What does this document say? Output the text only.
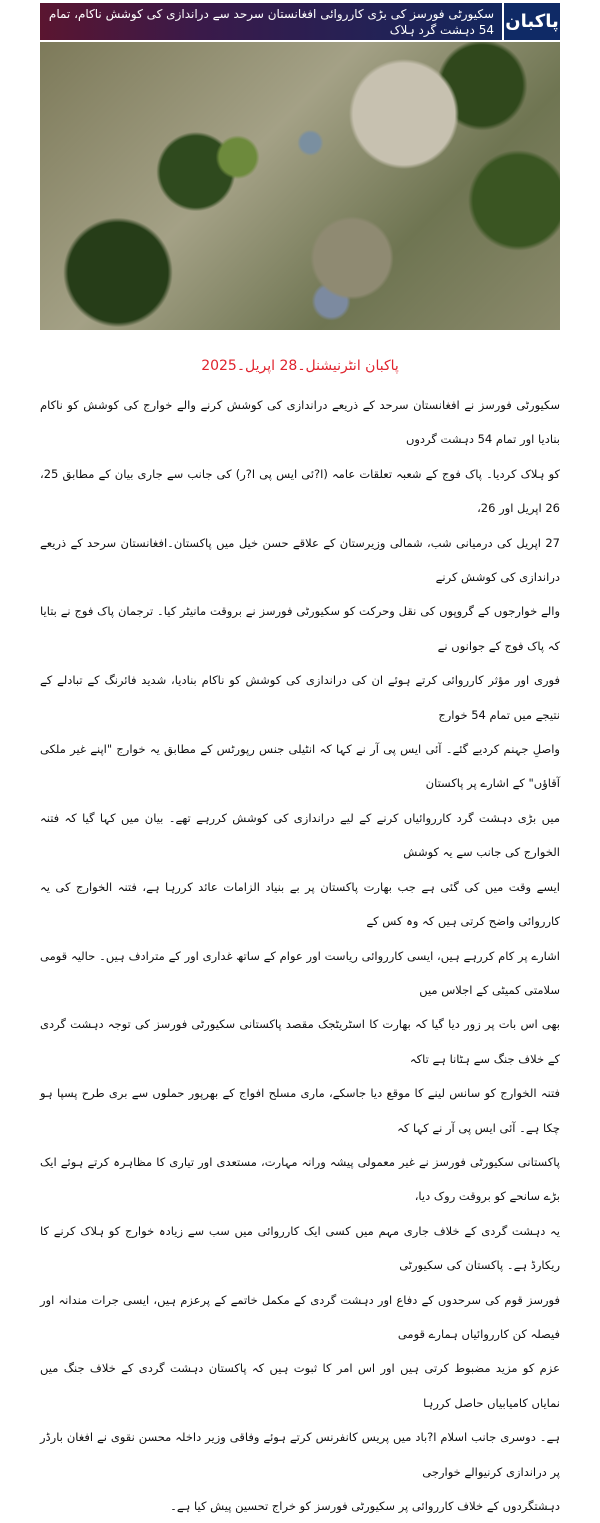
سکیورٹی فورسز کی بڑی کارروائی افغانستان سرحد سے دراندازی کی کوشش ناکام، تمام 54 دہشت گرد ہلاک پاکبان
پاکبان انٹرنیشنل۔28 اپریل۔2025
سکیورٹی فورسز نے افغانستان سرحد کے ذریعے دراندازی کی کوشش کرنے والے خوارج کی کوشش کو ناکام بنادیا اور تمام 54 دہشت گردوں
کو ہلاک کردیا۔ پاک فوج کے شعبہ تعلقات عامہ (ا?ئی ایس پی ا?ر) کی جانب سے جاری بیان کے مطابق 25، 26 اپریل اور 26،
27 اپریل کی درمیانی شب، شمالی وزیرستان کے علاقے حسن خیل میں پاکستان۔افغانستان سرحد کے ذریعے دراندازی کی کوشش کرنے
والے خوارجوں کے گروپوں کی نقل وحرکت کو سکیورٹی فورسز نے بروقت مانیٹر کیا۔ ترجمان پاک فوج نے بتایا کہ پاک فوج کے جوانوں نے
فوری اور مؤثر کارروائی کرتے ہوئے ان کی دراندازی کی کوشش کو ناکام بنادیا، شدید فائرنگ کے تبادلے کے نتیجے میں تمام 54 خوارج
واصلِ جہنم کردیے گئے۔ آئی ایس پی آر نے کہا کہ انٹیلی جنس رپورٹس کے مطابق یہ خوارج "اپنے غیر ملکی آقاؤں" کے اشارے پر پاکستان
میں بڑی دہشت گرد کارروائیاں کرنے کے لیے دراندازی کی کوشش کررہے تھے۔ بیان میں کہا گیا کہ فتنہ الخوارج کی جانب سے یہ کوشش
ایسے وقت میں کی گئی ہے جب بھارت پاکستان پر بے بنیاد الزامات عائد کررہا ہے، فتنہ الخوارج کی یہ کارروائی واضح کرتی ہیں کہ وہ کس کے
اشارے پر کام کررہے ہیں، ایسی کارروائی ریاست اور عوام کے ساتھ غداری اور کے مترادف ہیں۔ حالیہ قومی سلامتی کمیٹی کے اجلاس میں
بھی اس بات پر زور دیا گیا کہ بھارت کا اسٹریٹجک مقصد پاکستانی سکیورٹی فورسز کی توجہ دہشت گردی کے خلاف جنگ سے ہٹانا ہے تاکہ
فتنہ الخوارج کو سانس لینے کا موقع دیا جاسکے، ماری مسلح افواج کے بھرپور حملوں سے بری طرح پسپا ہو چکا ہے۔ آئی ایس پی آر نے کہا کہ
پاکستانی سکیورٹی فورسز نے غیر معمولی پیشہ ورانہ مہارت، مستعدی اور تیاری کا مظاہرہ کرتے ہوئے ایک بڑے سانحے کو بروقت روک دیا،
یہ دہشت گردی کے خلاف جاری مہم میں کسی ایک کارروائی میں سب سے زیادہ خوارج کو ہلاک کرنے کا ریکارڈ ہے۔ پاکستان کی سکیورٹی
فورسز قوم کی سرحدوں کے دفاع اور دہشت گردی کے مکمل خاتمے کے پرعزم ہیں، ایسی جرات مندانہ اور فیصلہ کن کارروائیاں ہمارے قومی
عزم کو مزید مضبوط کرتی ہیں اور اس امر کا ثبوت ہیں کہ پاکستان دہشت گردی کے خلاف جنگ میں نمایاں کامیابیاں حاصل کررہا
ہے۔ دوسری جانب اسلام ا?باد میں پریس کانفرنس کرتے ہوئے وفاقی وزیر داخلہ محسن نقوی نے افغان بارڈر پر دراندازی کرنیوالے خوارجی
دہشتگردوں کے خلاف کارروائی پر سکیورٹی فورسز کو خراج تحسین پیش کیا ہے۔
